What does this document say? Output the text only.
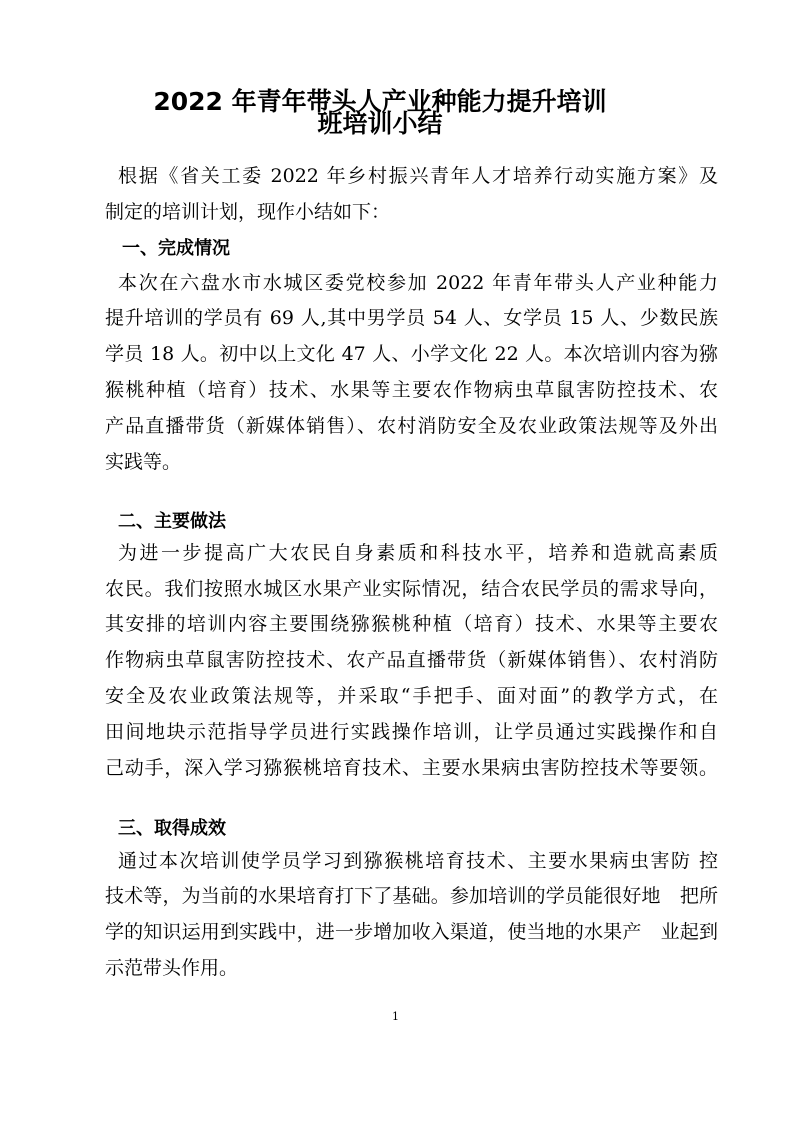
2022 年青年带头人产业种能力提升培训
班培训小结
根据《省关工委 2022 年乡村振兴青年人才培养行动实施方案》及
制定的培训计划，现作小结如下：
一、完成情况
本次在六盘水市水城区委党校参加 2022 年青年带头人产业种能力
提升培训的学员有 69 人,其中男学员 54 人、女学员 15 人、少数民族
学员 18 人。初中以上文化 47 人、小学文化 22 人。本次培训内容为猕
猴桃种植（培育）技术、水果等主要农作物病虫草鼠害防控技术、农
产品直播带货（新媒体销售）、农村消防安全及农业政策法规等及外出
实践等。
二、主要做法
为进一步提高广大农民自身素质和科技水平，培养和造就高素质
农民。我们按照水城区水果产业实际情况，结合农民学员的需求导向，
其安排的培训内容主要围绕猕猴桃种植（培育）技术、水果等主要农
作物病虫草鼠害防控技术、农产品直播带货（新媒体销售）、农村消防
安全及农业政策法规等，并采取“手把手、面对面”的教学方式，在
田间地块示范指导学员进行实践操作培训，让学员通过实践操作和自
己动手，深入学习猕猴桃培育技术、主要水果病虫害防控技术等要领。
三、取得成效
通过本次培训使学员学习到猕猴桃培育技术、主要水果病虫害防 控
技术等，为当前的水果培育打下了基础。参加培训的学员能很好地　把所
学的知识运用到实践中，进一步增加收入渠道，使当地的水果产　业起到
示范带头作用。
1
